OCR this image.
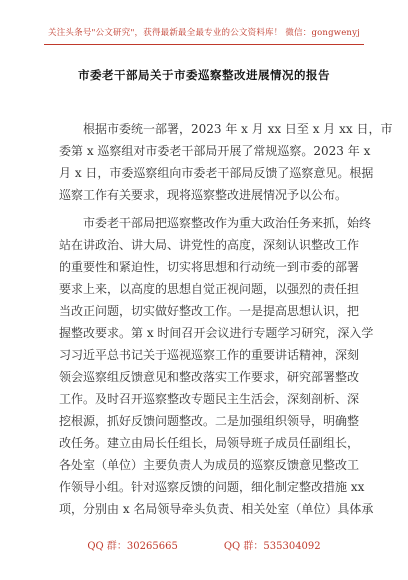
关注头条号"公文研究"，获得最新最全最专业的公文资料库！ 微信：gongwenyj
市委老干部局关于市委巡察整改进展情况的报告
根据市委统一部署，2023 年 x 月 xx 日至 x 月 xx 日，市
委第 x 巡察组对市委老干部局开展了常规巡察。2023 年 x
月 x 日，市委巡察组向市委老干部局反馈了巡察意见。根据
巡察工作有关要求，现将巡察整改进展情况予以公布。
市委老干部局把巡察整改作为重大政治任务来抓，始终
站在讲政治、讲大局、讲党性的高度，深刻认识整改工作
的重要性和紧迫性，切实将思想和行动统一到市委的部署
要求上来，以高度的思想自觉正视问题，以强烈的责任担
当改正问题，切实做好整改工作。一是提高思想认识，把
握整改要求。第 x 时间召开会议进行专题学习研究，深入学
习习近平总书记关于巡视巡察工作的重要讲话精神，深刻
领会巡察组反馈意见和整改落实工作要求，研究部署整改
工作。及时召开巡察整改专题民主生活会，深刻剖析、深
挖根源，抓好反馈问题整改。二是加强组织领导，明确整
改任务。建立由局长任组长，局领导班子成员任副组长，
各处室（单位）主要负责人为成员的巡察反馈意见整改工
作领导小组。针对巡察反馈的问题，细化制定整改措施 xx
项，分别由 x 名局领导牵头负责、相关处室（单位）具体承
QQ 群：30265665	QQ 群：535304092
